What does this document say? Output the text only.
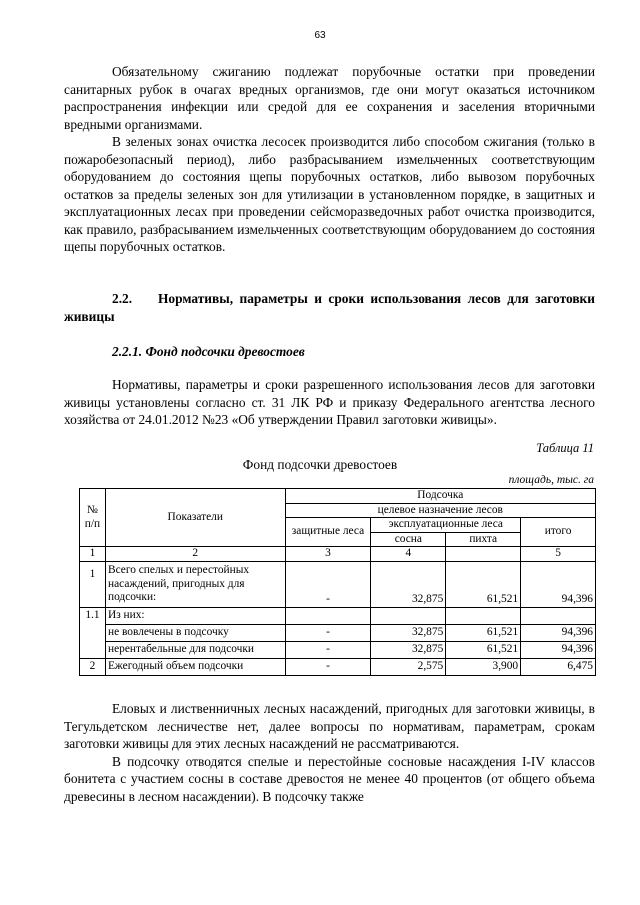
63

Обязательному сжиганию подлежат порубочные остатки при проведении санитарных рубок в очагах вредных организмов, где они могут оказаться источником распространения инфекции или средой для ее сохранения и заселения вторичными вредными организмами.

В зеленых зонах очистка лесосек производится либо способом сжигания (только в пожаробезопасный период), либо разбрасыванием измельченных соответствующим оборудованием до состояния щепы порубочных остатков, либо вывозом порубочных остатков за пределы зеленых зон для утилизации в установленном порядке, в защитных и эксплуатационных лесах при проведении сейсморазведочных работ очистка производится, как правило, разбрасыванием измельченных соответствующим оборудованием до состояния щепы порубочных остатков.

2.2. Нормативы, параметры и сроки использования лесов для заготовки живицы
2.2.1. Фонд подсочки древостоев

Нормативы, параметры и сроки разрешенного использования лесов для заготовки живицы установлены согласно ст. 31 ЛК РФ и приказу Федерального агентства лесного хозяйства от 24.01.2012 №23 «Об утверждении Правил заготовки живицы».

Таблица 11
Фонд подсочки древостоев
площадь, тыс. га
№ п/п	Показатели	Подсочка			
		целевое назначение лесов			
		защитные леса	эксплуатационные леса		итого
			сосна	пихта	
1	2	3	4		5
1	Всего спелых и перестойных насаждений, пригодных для подсочки:	-	32,875	61,521	94,396
1.1	Из них:				
	не вовлечены в подсочку	-	32,875	61,521	94,396
	нерентабельные для подсочки	-	32,875	61,521	94,396
2	Ежегодный объем подсочки	-	2,575	3,900	6,475

Еловых и лиственничных лесных насаждений, пригодных для заготовки живицы, в Тегульдетском лесничестве нет, далее вопросы по нормативам, параметрам, срокам заготовки живицы для этих лесных насаждений не рассматриваются.

В подсочку отводятся спелые и перестойные сосновые насаждения I-IV классов бонитета с участием сосны в составе древостоя не менее 40 процентов (от общего объема древесины в лесном насаждении). В подсочку также
